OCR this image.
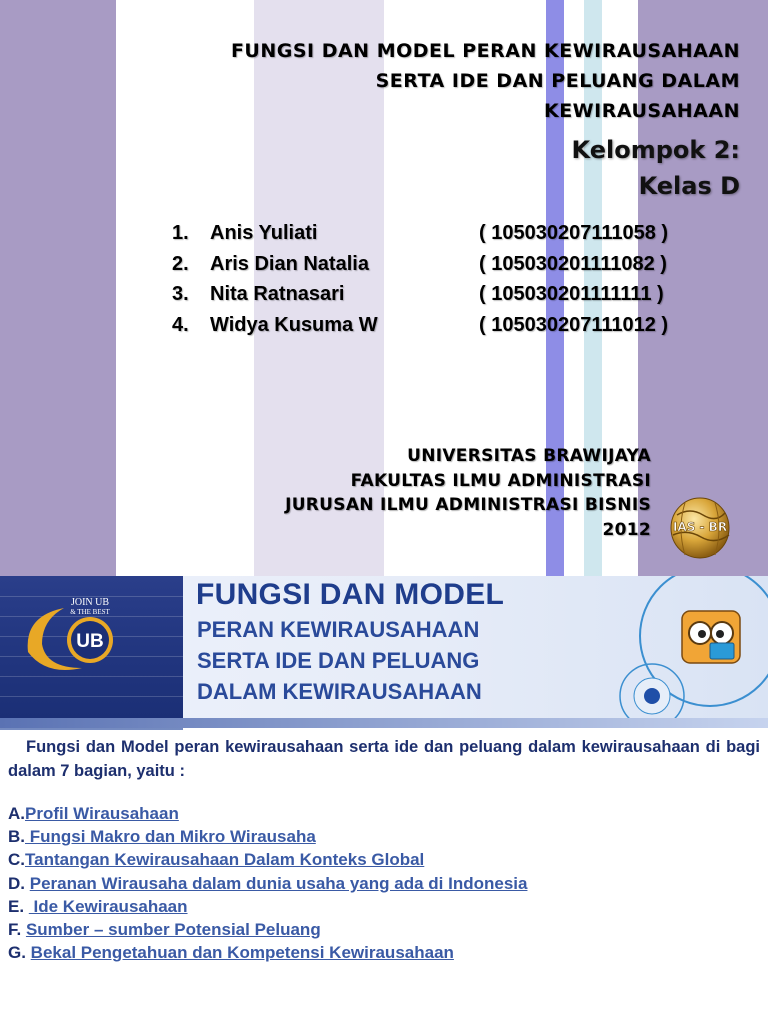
FUNGSI DAN MODEL PERAN KEWIRAUSAHAAN
SERTA IDE DAN PELUANG DALAM
KEWIRAUSAHAAN
Kelompok 2:
Kelas D
1. Anis Yuliati	( 105030207111058 )
2. Aris Dian Natalia	( 105030201111082 )
3. Nita Ratnasari	( 105030201111111 )
4. Widya Kusuma W	( 105030207111012 )
UNIVERSITAS BRAWIJAYA
FAKULTAS ILMU ADMINISTRASI
JURUSAN ILMU ADMINISTRASI BISNIS
2012 IAS - BR
UB
JOIN UB
& THE BEST
FUNGSI DAN MODEL
PERAN KEWIRAUSAHAAN
SERTA IDE DAN PELUANG
DALAM KEWIRAUSAHAAN
Fungsi dan Model peran kewirausahaan serta ide dan peluang dalam kewirausahaan di bagi dalam 7 bagian, yaitu :
A.Profil Wirausahaan
B. Fungsi Makro dan Mikro Wirausaha
C.Tantangan Kewirausahaan Dalam Konteks Global
D. Peranan Wirausaha dalam dunia usaha yang ada di Indonesia
E.  Ide Kewirausahaan
F. Sumber – sumber Potensial Peluang
G. Bekal Pengetahuan dan Kompetensi Kewirausahaan
